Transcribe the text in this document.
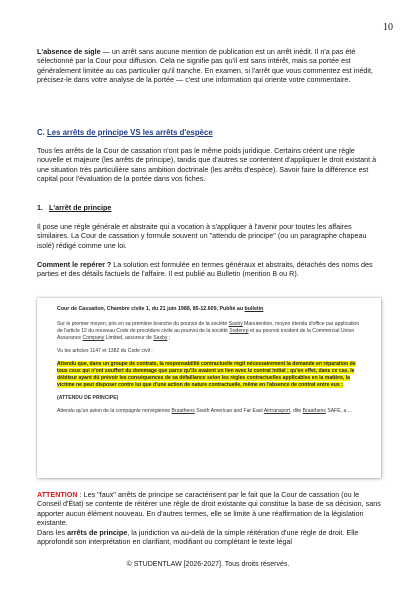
10

L'absence de sigle — un arrêt sans aucune mention de publication est un arrêt inédit. Il n'a pas été sélectionné par la Cour pour diffusion. Cela ne signifie pas qu'il est sans intérêt, mais sa portée est généralement limitée au cas particulier qu'il tranche. En examen, si l'arrêt que vous commentez est inédit, précisez-le dans votre analyse de la portée — c'est une information qui oriente votre commentaire.

C. Les arrêts de principe VS les arrêts d'espèce

Tous les arrêts de la Cour de cassation n'ont pas le même poids juridique. Certains créent une règle nouvelle et majeure (les arrêts de principe), tandis que d'autres se contentent d'appliquer le droit existant à une situation très particulière sans ambition doctrinale (les arrêts d'espèce). Savoir faire la différence est capital pour l'évaluation de la portée dans vos fiches.

1. L'arrêt de principe

Il pose une règle générale et abstraite qui a vocation à s'appliquer à l'avenir pour toutes les affaires similaires. La Cour de cassation y formule souvent un "attendu de principe" (ou un paragraphe chapeau isolé) rédigé comme une loi.

Comment le repérer ? La solution est formulée en termes généraux et abstraits, détachés des noms des parties et des détails factuels de l'affaire. Il est publié au Bulletin (mention B ou R).

Cour de Cassation, Chambre civile 1, du 21 juin 1988, 85-12.609, Publié au bulletin

Sur le premier moyen, pris en sa première branche du pourvoi de la société Saxby Manutention, moyen étendu d'office par application de l'article 12 du nouveau Code de procédure civile au pourvoi de la société Soderep et au pourvoi incident de la Commercial Union Assurance Company Limited, assureur de Saxby ;

Vu les articles 1147 et 1382 du Code civil ;

Attendu que, dans un groupe de contrats, la responsabilité contractuelle régit nécessairement la demande en réparation de tous ceux qui n'ont souffert du dommage que parce qu'ils avaient un lien avec le contrat initial ; qu'en effet, dans ce cas, le débiteur ayant dû prévoir les conséquences de sa défaillance selon les règles contractuelles applicables en la matière, la victime ne peut disposer contre lui que d'une action de nature contractuelle, même en l'absence de contrat entre eux ;

(ATTENDU DE PRINCIPE)

Attendu qu'un avion de la compagnie norvégienne Braathens South American and Far East Airtransport, dite Braathens SAFE, a ...

ATTENTION : Les "faux" arrêts de principe se caractérisent par le fait que la Cour de cassation (ou le Conseil d'État) se contente de réitérer une règle de droit existante qui constitue la base de sa décision, sans apporter aucun élément nouveau. En d'autres termes, elle se limite à une réaffirmation de la législation existante.
Dans les arrêts de principe, la juridiction va au-delà de la simple réitération d'une règle de droit. Elle approfondit son interprétation en clarifiant, modifiant ou complétant le texte légal

© STUDENTLAW [2026-2027]. Tous droits réservés.
